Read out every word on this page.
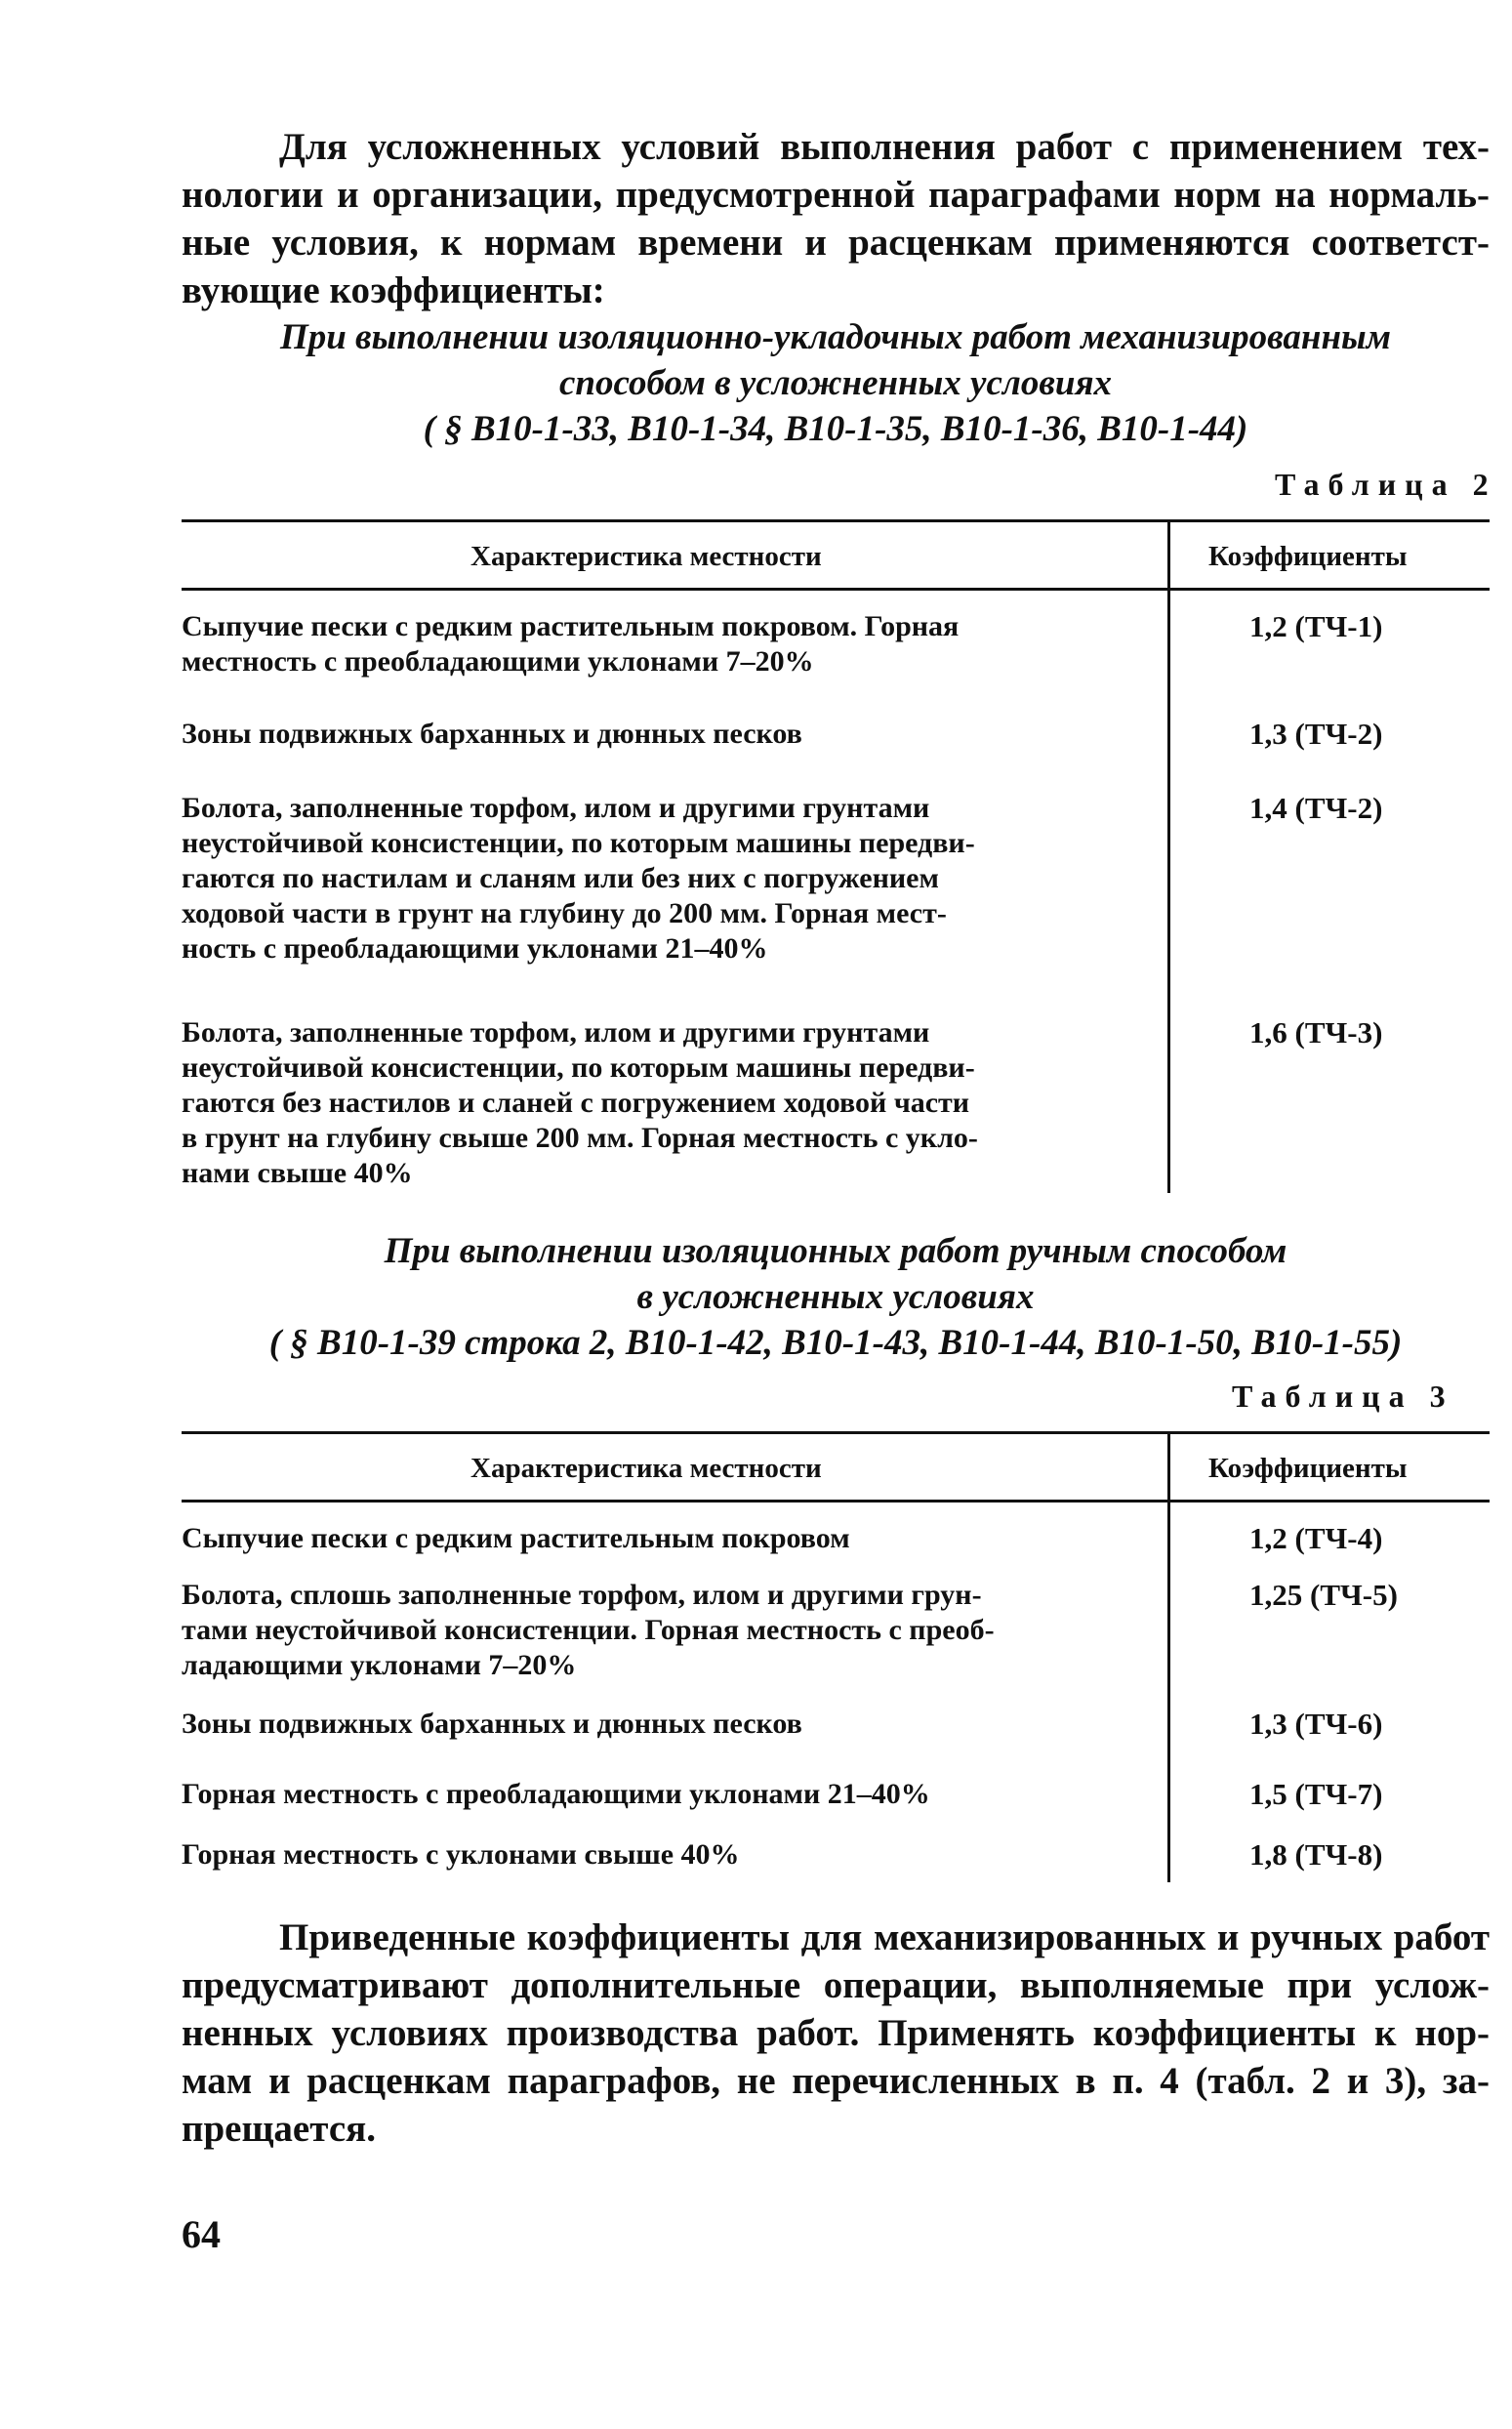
Для усложненных условий выполнения работ с применением тех-
нологии и организации, предусмотренной параграфами норм на нормаль-
ные условия, к нормам времени и расценкам применяются соответст-
вующие коэффициенты:
При выполнении изоляционно-укладочных работ механизированным
способом в усложненных условиях
( § В10-1-33, В10-1-34, В10-1-35, В10-1-36, В10-1-44)
Таблица 2
Характеристика местности	Коэффициенты
Сыпучие пески с редким растительным покровом. Горная
местность с преобладающими уклонами 7–20%
1,2 (ТЧ-1)
Зоны подвижных барханных и дюнных песков	1,3 (ТЧ-2)
Болота, заполненные торфом, илом и другими грунтами
неустойчивой консистенции, по которым машины передви-
гаются по настилам и сланям или без них с погружением
ходовой части в грунт на глубину до 200 мм. Горная мест-
ность с преобладающими уклонами 21–40%
1,4 (ТЧ-2)
Болота, заполненные торфом, илом и другими грунтами
неустойчивой консистенции, по которым машины передви-
гаются без настилов и сланей с погружением ходовой части
в грунт на глубину свыше 200 мм. Горная местность с укло-
нами свыше 40%
1,6 (ТЧ-3)
При выполнении изоляционных работ ручным способом
в усложненных условиях
( § В10-1-39 строка 2, В10-1-42, В10-1-43, В10-1-44, В10-1-50, В10-1-55)
Таблица 3
Характеристика местности	Коэффициенты
Сыпучие пески с редким растительным покровом	1,2 (ТЧ-4)
Болота, сплошь заполненные торфом, илом и другими грун-
тами неустойчивой консистенции. Горная местность с преоб-
ладающими уклонами 7–20%
1,25 (ТЧ-5)
Зоны подвижных барханных и дюнных песков	1,3 (ТЧ-6)
Горная местность с преобладающими уклонами 21–40%	1,5 (ТЧ-7)
Горная местность с уклонами свыше 40%	1,8 (ТЧ-8)
Приведенные коэффициенты для механизированных и ручных работ
предусматривают дополнительные операции, выполняемые при услож-
ненных условиях производства работ. Применять коэффициенты к нор-
мам и расценкам параграфов, не перечисленных в п. 4 (табл. 2 и 3), за-
прещается.
64
